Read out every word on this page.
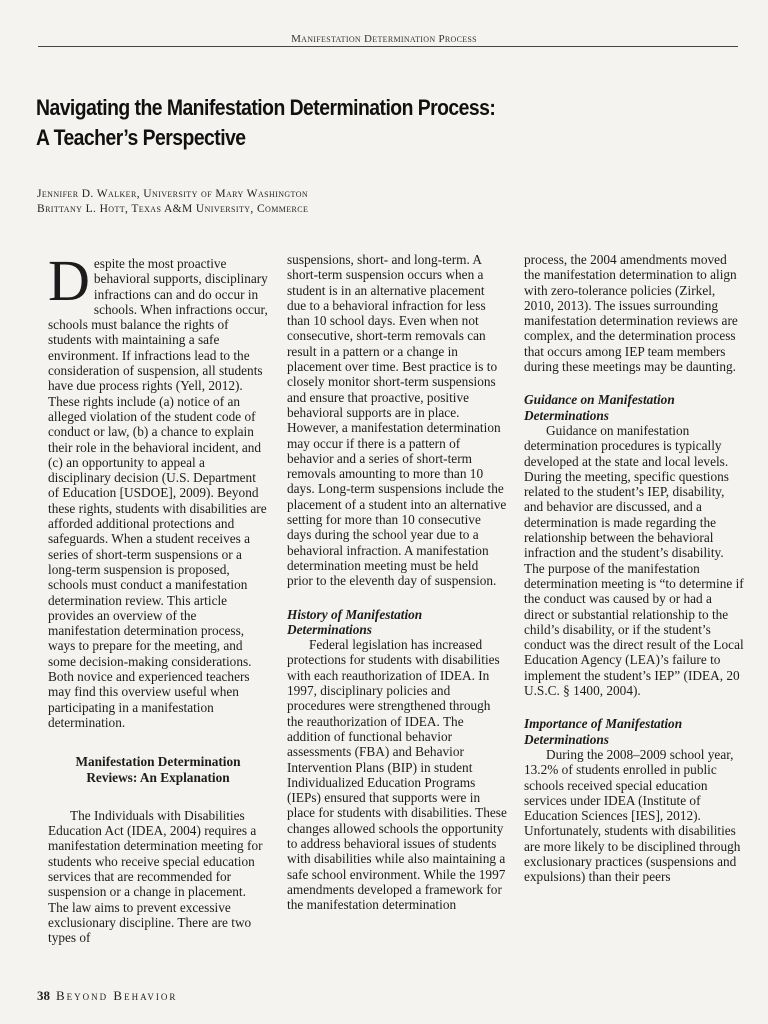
Manifestation Determination Process
Navigating the Manifestation Determination Process:
A Teacher’s Perspective
Jennifer D. Walker, University of Mary Washington
Brittany L. Hott, Texas A&M University, Commerce

Despite the most proactive behavioral supports, disciplinary infractions can and do occur in schools. When infractions occur, schools must balance the rights of students with maintaining a safe environment. If infractions lead to the consideration of suspension, all students have due process rights (Yell, 2012). These rights include (a) notice of an alleged violation of the student code of conduct or law, (b) a chance to explain their role in the behavioral incident, and (c) an opportunity to appeal a disciplinary decision (U.S. Department of Education [USDOE], 2009). Beyond these rights, students with disabilities are afforded additional protections and safeguards. When a student receives a series of short-term suspensions or a long-term suspension is proposed, schools must conduct a manifestation determination review. This article provides an overview of the manifestation determination process, ways to prepare for the meeting, and some decision-making considerations. Both novice and experienced teachers may find this overview useful when participating in a manifestation determination.

Manifestation Determination
Reviews: An Explanation

The Individuals with Disabilities Education Act (IDEA, 2004) requires a manifestation determination meeting for students who receive special education services that are recommended for suspension or a change in placement. The law aims to prevent excessive exclusionary discipline. There are two types of

suspensions, short- and long-term. A short-term suspension occurs when a student is in an alternative placement due to a behavioral infraction for less than 10 school days. Even when not consecutive, short-term removals can result in a pattern or a change in placement over time. Best practice is to closely monitor short-term suspensions and ensure that proactive, positive behavioral supports are in place. However, a manifestation determination may occur if there is a pattern of behavior and a series of short-term removals amounting to more than 10 days. Long-term suspensions include the placement of a student into an alternative setting for more than 10 consecutive days during the school year due to a behavioral infraction. A manifestation determination meeting must be held prior to the eleventh day of suspension.

History of Manifestation
Determinations

Federal legislation has increased protections for students with disabilities with each reauthorization of IDEA. In 1997, disciplinary policies and procedures were strengthened through the reauthorization of IDEA. The addition of functional behavior assessments (FBA) and Behavior Intervention Plans (BIP) in student Individualized Education Programs (IEPs) ensured that supports were in place for students with disabilities. These changes allowed schools the opportunity to address behavioral issues of students with disabilities while also maintaining a safe school environment. While the 1997 amendments developed a framework for the manifestation determination

process, the 2004 amendments moved the manifestation determination to align with zero-tolerance policies (Zirkel, 2010, 2013). The issues surrounding manifestation determination reviews are complex, and the determination process that occurs among IEP team members during these meetings may be daunting.

Guidance on Manifestation
Determinations

Guidance on manifestation determination procedures is typically developed at the state and local levels. During the meeting, specific questions related to the student’s IEP, disability, and behavior are discussed, and a determination is made regarding the relationship between the behavioral infraction and the student’s disability. The purpose of the manifestation determination meeting is “to determine if the conduct was caused by or had a direct or substantial relationship to the child’s disability, or if the student’s conduct was the direct result of the Local Education Agency (LEA)’s failure to implement the student’s IEP” (IDEA, 20 U.S.C. § 1400, 2004).

Importance of Manifestation
Determinations

During the 2008–2009 school year, 13.2% of students enrolled in public schools received special education services under IDEA (Institute of Education Sciences [IES], 2012). Unfortunately, students with disabilities are more likely to be disciplined through exclusionary practices (suspensions and expulsions) than their peers

38 Beyond Behavior
